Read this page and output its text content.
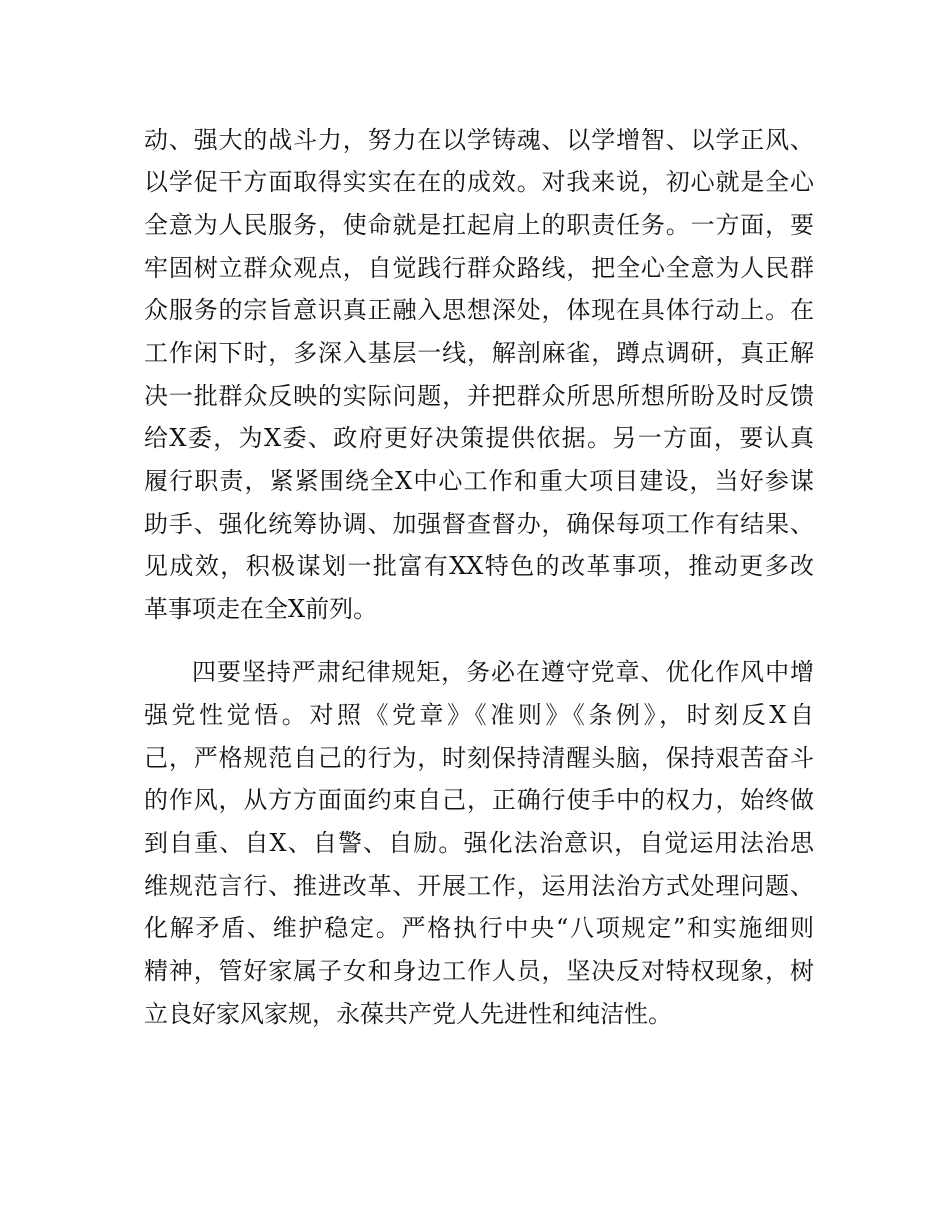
动、强大的战斗力，努力在以学铸魂、以学增智、以学正风、
以学促干方面取得实实在在的成效。对我来说，初心就是全心
全意为人民服务，使命就是扛起肩上的职责任务。一方面，要
牢固树立群众观点，自觉践行群众路线，把全心全意为人民群
众服务的宗旨意识真正融入思想深处，体现在具体行动上。在
工作闲下时，多深入基层一线，解剖麻雀，蹲点调研，真正解
决一批群众反映的实际问题，并把群众所思所想所盼及时反馈
给X委，为X委、政府更好决策提供依据。另一方面，要认真
履行职责，紧紧围绕全X中心工作和重大项目建设，当好参谋
助手、强化统筹协调、加强督查督办，确保每项工作有结果、
见成效，积极谋划一批富有XX特色的改革事项，推动更多改
革事项走在全X前列。
四要坚持严肃纪律规矩，务必在遵守党章、优化作风中增
强党性觉悟。对照《党章》《准则》《条例》，时刻反X自
己，严格规范自己的行为，时刻保持清醒头脑，保持艰苦奋斗
的作风，从方方面面约束自己，正确行使手中的权力，始终做
到自重、自X、自警、自励。强化法治意识，自觉运用法治思
维规范言行、推进改革、开展工作，运用法治方式处理问题、
化解矛盾、维护稳定。严格执行中央“八项规定”和实施细则
精神，管好家属子女和身边工作人员，坚决反对特权现象，树
立良好家风家规，永葆共产党人先进性和纯洁性。
